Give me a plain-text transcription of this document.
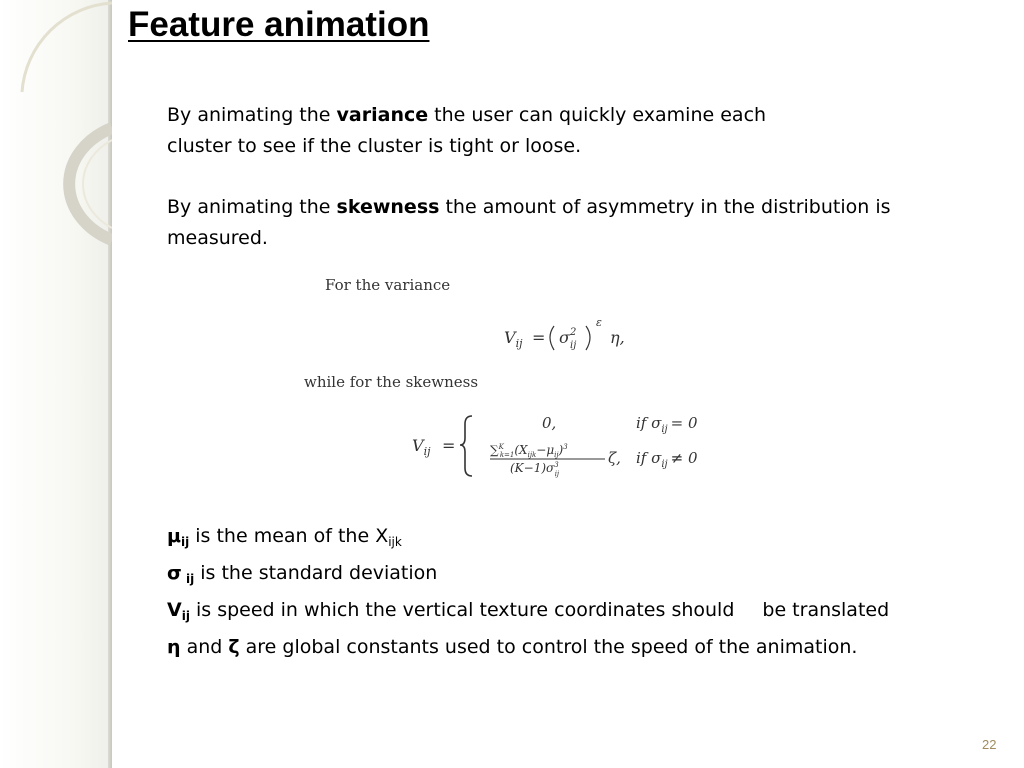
Feature animation
By animating the variance the user can quickly examine each
cluster to see if the cluster is tight or loose.
By animating the skewness the amount of asymmetry in the distribution is
measured.
For the variance
$V_{ij} = \sigma$ 2
ij
ε
η,
while for the skewness
$V_{ij}$ =
0,	if $\sigma_{ij} = 0$
∑$^K$ $k=1(X_{ijk}-\mu_{ij})^3$
$(K-1)\sigma^3$ ij
ζ, if $\sigma_{ij} \ne 0$
$\mu_{ij}$ is the mean of the $X_{ijk}$
σ $_{ij}$ is the standard deviation
$V_{ij}$ is speed in which the vertical texture coordinates should be translated
η and ζ are global constants used to control the speed of the animation.
22
